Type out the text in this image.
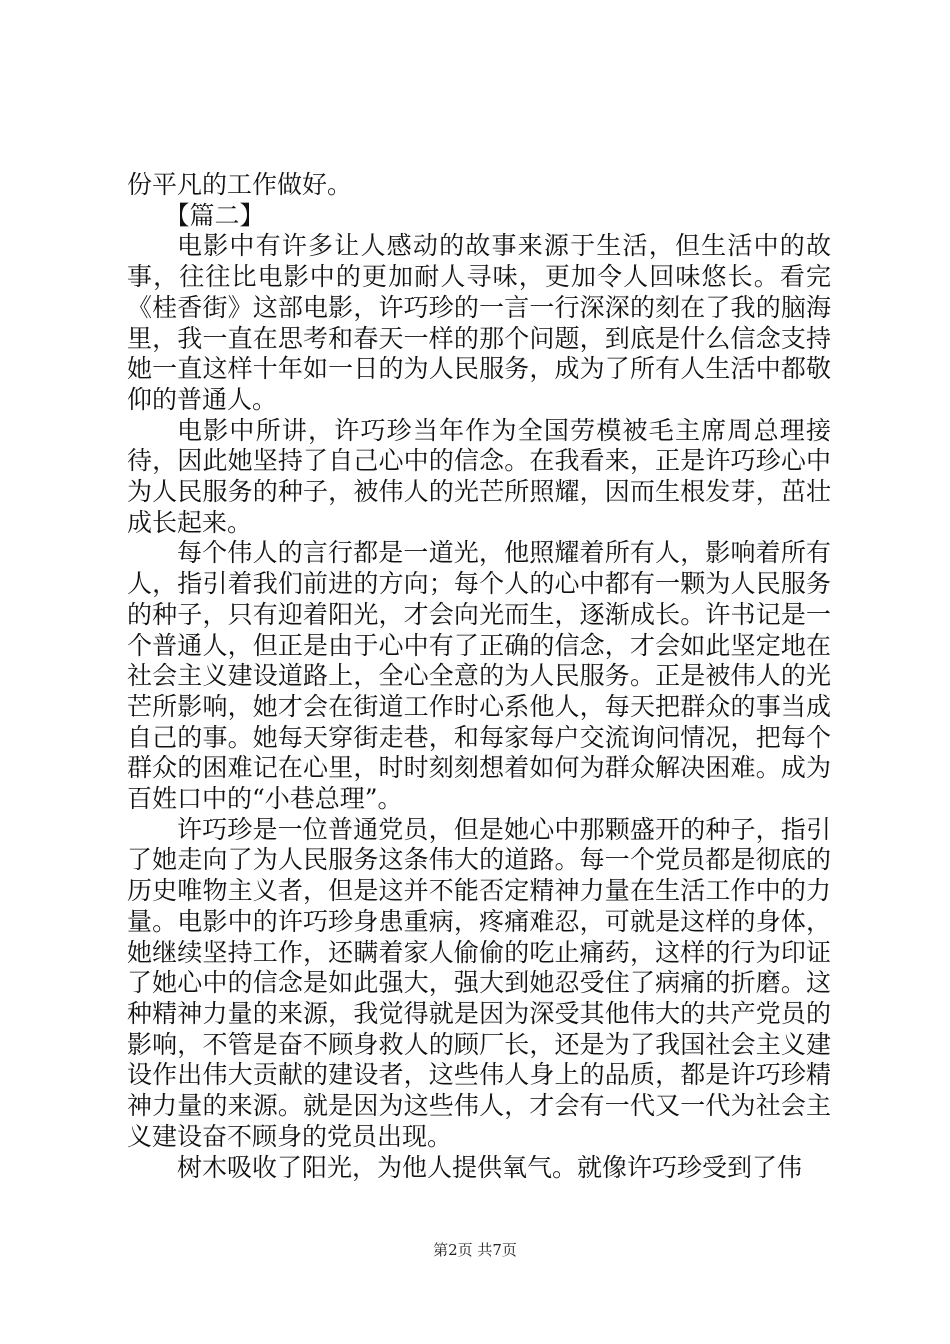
份平凡的工作做好。

【篇二】

电影中有许多让人感动的故事来源于生活，但生活中的故事，往往比电影中的更加耐人寻味，更加令人回味悠长。看完《桂香街》这部电影，许巧珍的一言一行深深的刻在了我的脑海里，我一直在思考和春天一样的那个问题，到底是什么信念支持她一直这样十年如一日的为人民服务，成为了所有人生活中都敬仰的普通人。

电影中所讲，许巧珍当年作为全国劳模被毛主席周总理接待，因此她坚持了自己心中的信念。在我看来，正是许巧珍心中为人民服务的种子，被伟人的光芒所照耀，因而生根发芽，茁壮成长起来。

每个伟人的言行都是一道光，他照耀着所有人，影响着所有人，指引着我们前进的方向；每个人的心中都有一颗为人民服务的种子，只有迎着阳光，才会向光而生，逐渐成长。许书记是一个普通人，但正是由于心中有了正确的信念，才会如此坚定地在社会主义建设道路上，全心全意的为人民服务。正是被伟人的光芒所影响，她才会在街道工作时心系他人，每天把群众的事当成自己的事。她每天穿街走巷，和每家每户交流询问情况，把每个群众的困难记在心里，时时刻刻想着如何为群众解决困难。成为百姓口中的“小巷总理”。

许巧珍是一位普通党员，但是她心中那颗盛开的种子，指引了她走向了为人民服务这条伟大的道路。每一个党员都是彻底的历史唯物主义者，但是这并不能否定精神力量在生活工作中的力量。电影中的许巧珍身患重病，疼痛难忍，可就是这样的身体，她继续坚持工作，还瞒着家人偷偷的吃止痛药，这样的行为印证了她心中的信念是如此强大，强大到她忍受住了病痛的折磨。这种精神力量的来源，我觉得就是因为深受其他伟大的共产党员的影响，不管是奋不顾身救人的顾厂长，还是为了我国社会主义建设作出伟大贡献的建设者，这些伟人身上的品质，都是许巧珍精神力量的来源。就是因为这些伟人，才会有一代又一代为社会主义建设奋不顾身的党员出现。

树木吸收了阳光，为他人提供氧气。就像许巧珍受到了伟

第2页 共7页
